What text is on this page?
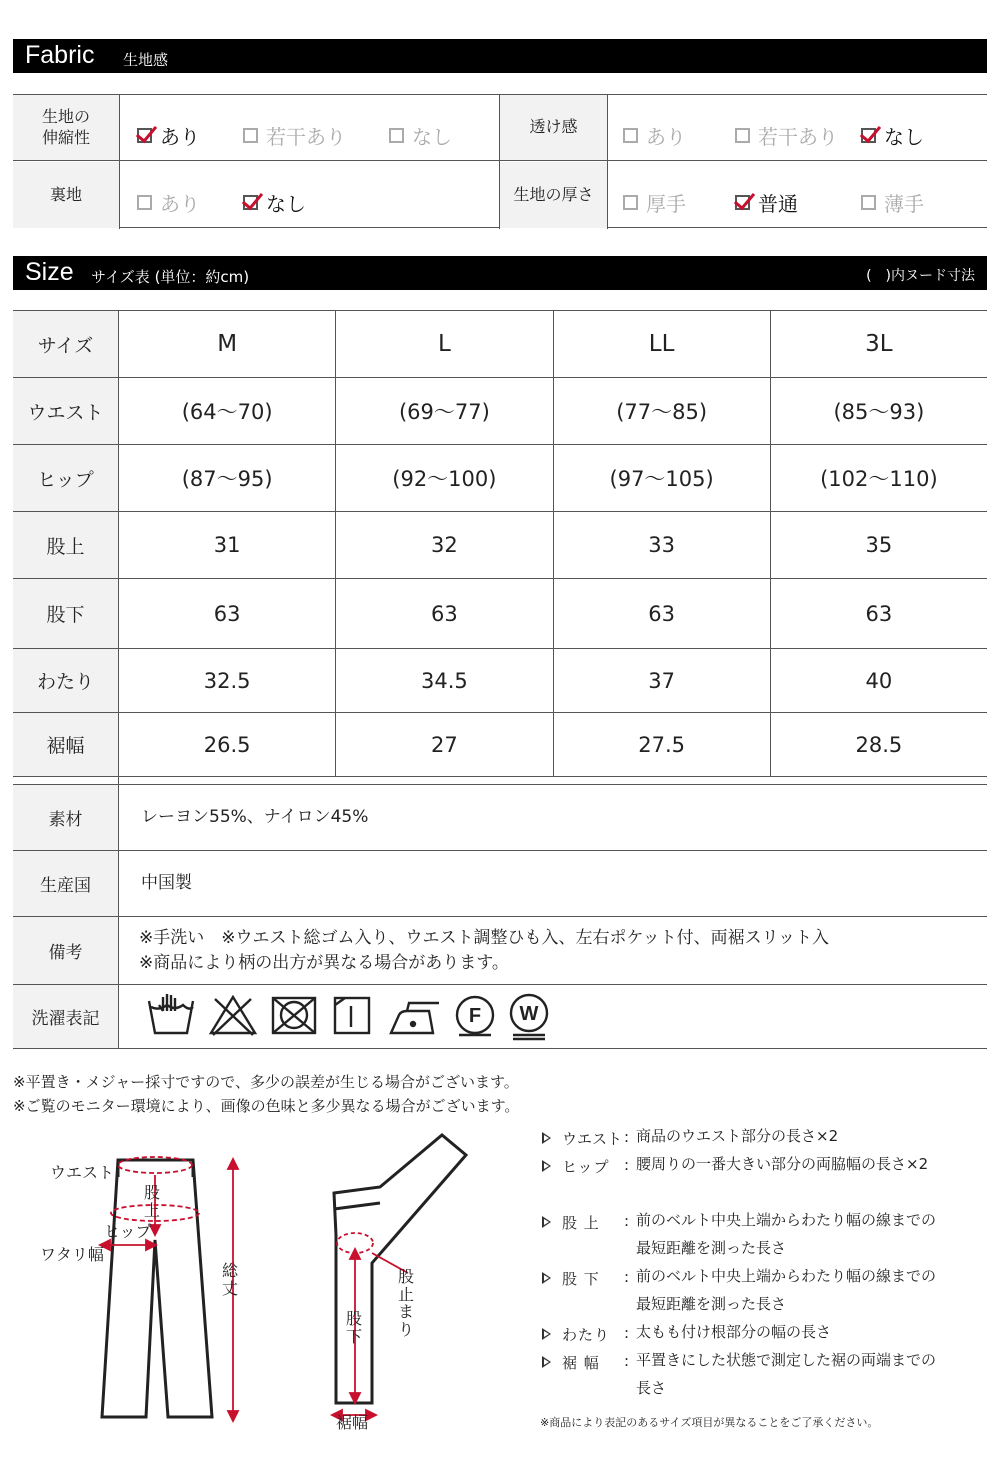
Fabric 生地感
生地の
伸縮性	あり	若干あり	なし	透け感	あり	若干あり なし
裏地	あり	なし	生地の厚さ	厚手	普通	薄手
Size サイズ表 (単位：約cm)	(　)内ヌード寸法
サイズ	M	L	LL	3L
ウエスト	(64〜70)	(69〜77)	(77〜85)	(85〜93)
ヒップ	(87〜95)	(92〜100)	(97〜105)	(102〜110)
股上	31	32	33	35
股下	63	63	63	63
わたり	32.5	34.5	37	40
裾幅	26.5	27	27.5	28.5
素材	レーヨン55%、ナイロン45%
生産国	中国製
備考
※手洗い　※ウエスト総ゴム入り、ウエスト調整ひも入、左右ポケット付、両裾スリット入
※商品により柄の出方が異なる場合があります。
洗濯表記	F W
※平置き・メジャー採寸ですので、多少の誤差が生じる場合がございます。
※ご覧のモニター環境により、画像の色味と多少異なる場合がございます。
ウエスト
股上
ヒップ
ワタリ幅
総丈
股下
股止まり
裾幅
ウエスト : 商品のウエスト部分の長さ×2
ヒップ : 腰周りの一番大きい部分の両脇幅の長さ×2
股 上	: 前のベルト中央上端からわたり幅の線までの最短距離を測った長さ
股 下	: 前のベルト中央上端からわたり幅の線までの最短距離を測った長さ
わたり : 太もも付け根部分の幅の長さ
裾 幅	: 平置きにした状態で測定した裾の両端までの長さ
※商品により表記のあるサイズ項目が異なることをご了承ください。
